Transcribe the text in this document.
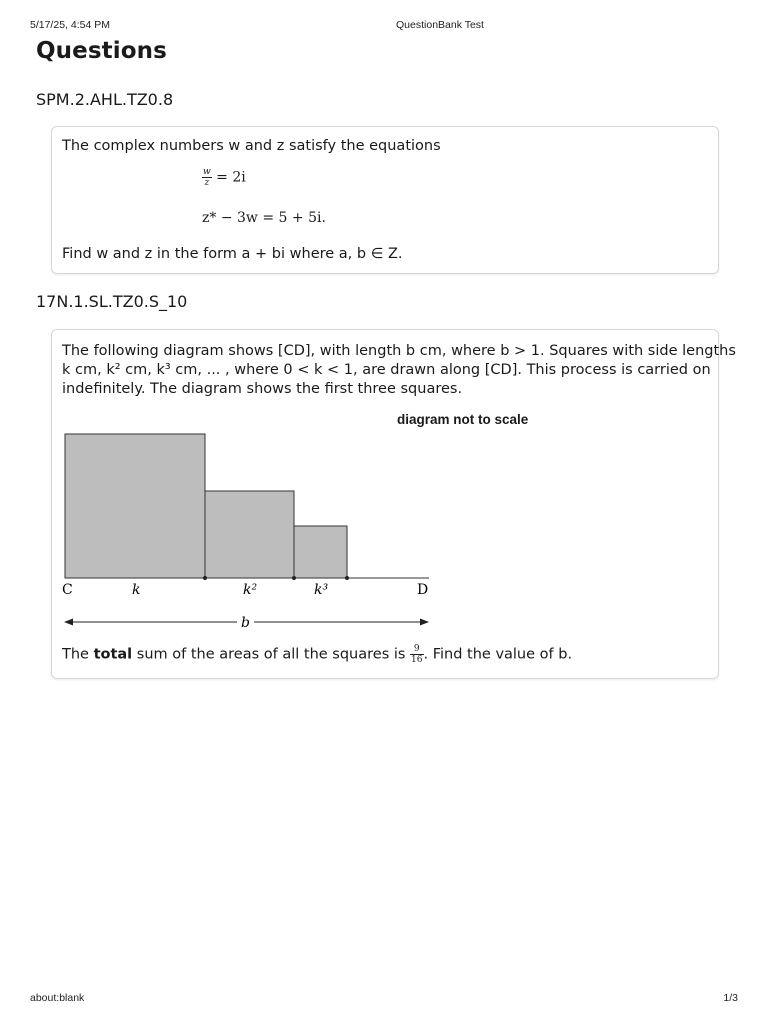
5/17/25, 4:54 PM	QuestionBank Test
Questions
SPM.2.AHL.TZ0.8
The complex numbers w and z satisfy the equations
$\frac{w}{z} = 2i$
z* − 3w = 5 + 5i.
Find w and z in the form a + bi where a, b ∈ Z.
17N.1.SL.TZ0.S_10
The following diagram shows [CD], with length b cm, where b > 1. Squares with side lengths
k cm, k² cm, k³ cm, ... , where 0 < k < 1, are drawn along [CD]. This process is carried on
indefinitely. The diagram shows the first three squares.
diagram not to scale
C	k	k²	k³	D
b
The total sum of the areas of all the squares is $\frac{9}{16}$ . Find the value of b.
about:blank	1/3
